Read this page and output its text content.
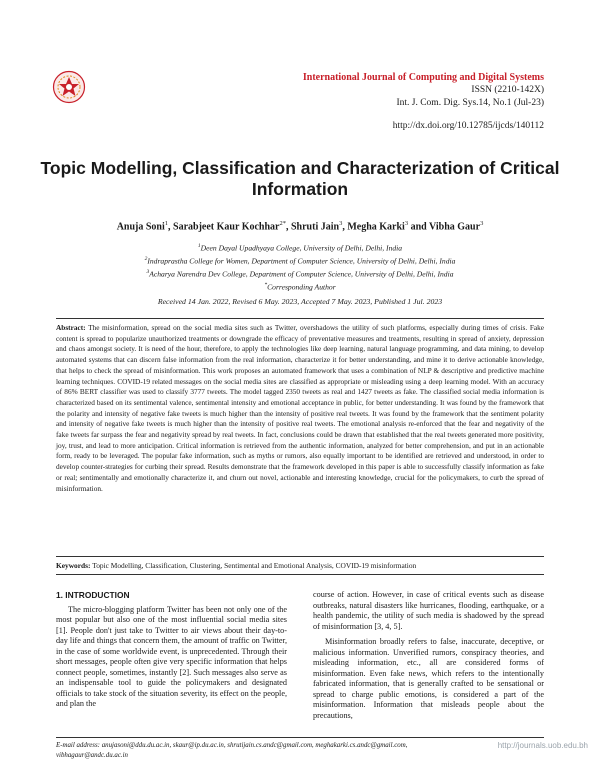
International Journal of Computing and Digital Systems
ISSN (2210-142X)
Int. J. Com. Dig. Sys.14, No.1 (Jul-23)
http://dx.doi.org/10.12785/ijcds/140112
Topic Modelling, Classification and Characterization of Critical Information
Anuja Soni$^1$, Sarabjeet Kaur Kochhar$^{2*}$, Shruti Jain$^3$, Megha Karki$^3$ and Vibha Gaur$^3$
$^1$Deen Dayal Upadhyaya College, University of Delhi, Delhi, India
$^2$Indraprastha College for Women, Department of Computer Science, University of Delhi, Delhi, India
$^3$Acharya Narendra Dev College, Department of Computer Science, University of Delhi, Delhi, India
*Corresponding Author
Received 14 Jan. 2022, Revised 6 May. 2023, Accepted 7 May. 2023, Published 1 Jul. 2023
Abstract: The misinformation, spread on the social media sites such as Twitter, overshadows the utility of such platforms, especially during times of crisis. Fake content is spread to popularize unauthorized treatments or downgrade the efficacy of preventative measures and treatments, resulting in spread of anxiety, depression and chaos amongst society. It is need of the hour, therefore, to apply the technologies like deep learning, natural language programming, and data mining, to develop automated systems that can discern false information from the real information, characterize it for better understanding, and mine it to derive actionable knowledge, that helps to check the spread of misinformation. This work proposes an automated framework that uses a combination of NLP & descriptive and predictive machine learning techniques. COVID-19 related messages on the social media sites are classified as appropriate or misleading using a deep learning model. With an accuracy of 86% BERT classifier was used to classify 3777 tweets. The model tagged 2350 tweets as real and 1427 tweets as fake. The classified social media information is characterized based on its sentimental valence, sentimental intensity and emotional acceptance in public, for better understanding. It was found by the framework that the polarity and intensity of negative fake tweets is much higher than the intensity of positive real tweets. It was found by the framework that the sentiment polarity and intensity of negative fake tweets is much higher than the intensity of positive real tweets. The emotional analysis re-enforced that the fear and negativity of the fake tweets far surpass the fear and negativity spread by real tweets. In fact, conclusions could be drawn that established that the real tweets generated more positivity, joy, trust, and lead to more anticipation. Critical information is retrieved from the authentic information, analyzed for better comprehension, and put in an actionable form, ready to be leveraged. The popular fake information, such as myths or rumors, also equally important to be identified are retrieved and understood, in order to develop counter-strategies for curbing their spread. Results demonstrate that the framework developed in this paper is able to successfully classify information as fake or real; sentimentally and emotionally characterize it, and churn out novel, actionable and interesting knowledge, crucial for the policymakers, to curb the spread of misinformation.
Keywords: Topic Modelling, Classification, Clustering, Sentimental and Emotional Analysis, COVID-19 misinformation
1. INTRODUCTION

The micro-blogging platform Twitter has been not only one of the most popular but also one of the most influential social media sites [1]. People don't just take to Twitter to air views about their day-to-day life and things that concern them, the amount of traffic on Twitter, in the case of some worldwide event, is unprecedented. Through their short messages, people often give very specific information that helps connect people, sometimes, instantly [2]. Such messages also serve as an indispensable tool to guide the policymakers and designated officials to take stock of the situation severity, its effect on the people, and plan the

course of action. However, in case of critical events such as disease outbreaks, natural disasters like hurricanes, flooding, earthquake, or a health pandemic, the utility of such media is shadowed by the spread of misinformation [3, 4, 5].

Misinformation broadly refers to false, inaccurate, deceptive, or malicious information. Unverified rumors, conspiracy theories, and misleading information, etc., all are considered forms of misinformation. Even fake news, which refers to the intentionally fabricated information, that is generally crafted to be sensational or spread to charge public emotions, is considered a part of the misinformation. Information that misleads people about the precautions,

E-mail address: anujasoni@ddu.du.ac.in, skaur@ip.du.ac.in, shrutijain.cs.andc@gmail.com, meghakarki.cs.andc@gmail.com,
vibhagaur@andc.du.ac.in
http://journals.uob.edu.bh
